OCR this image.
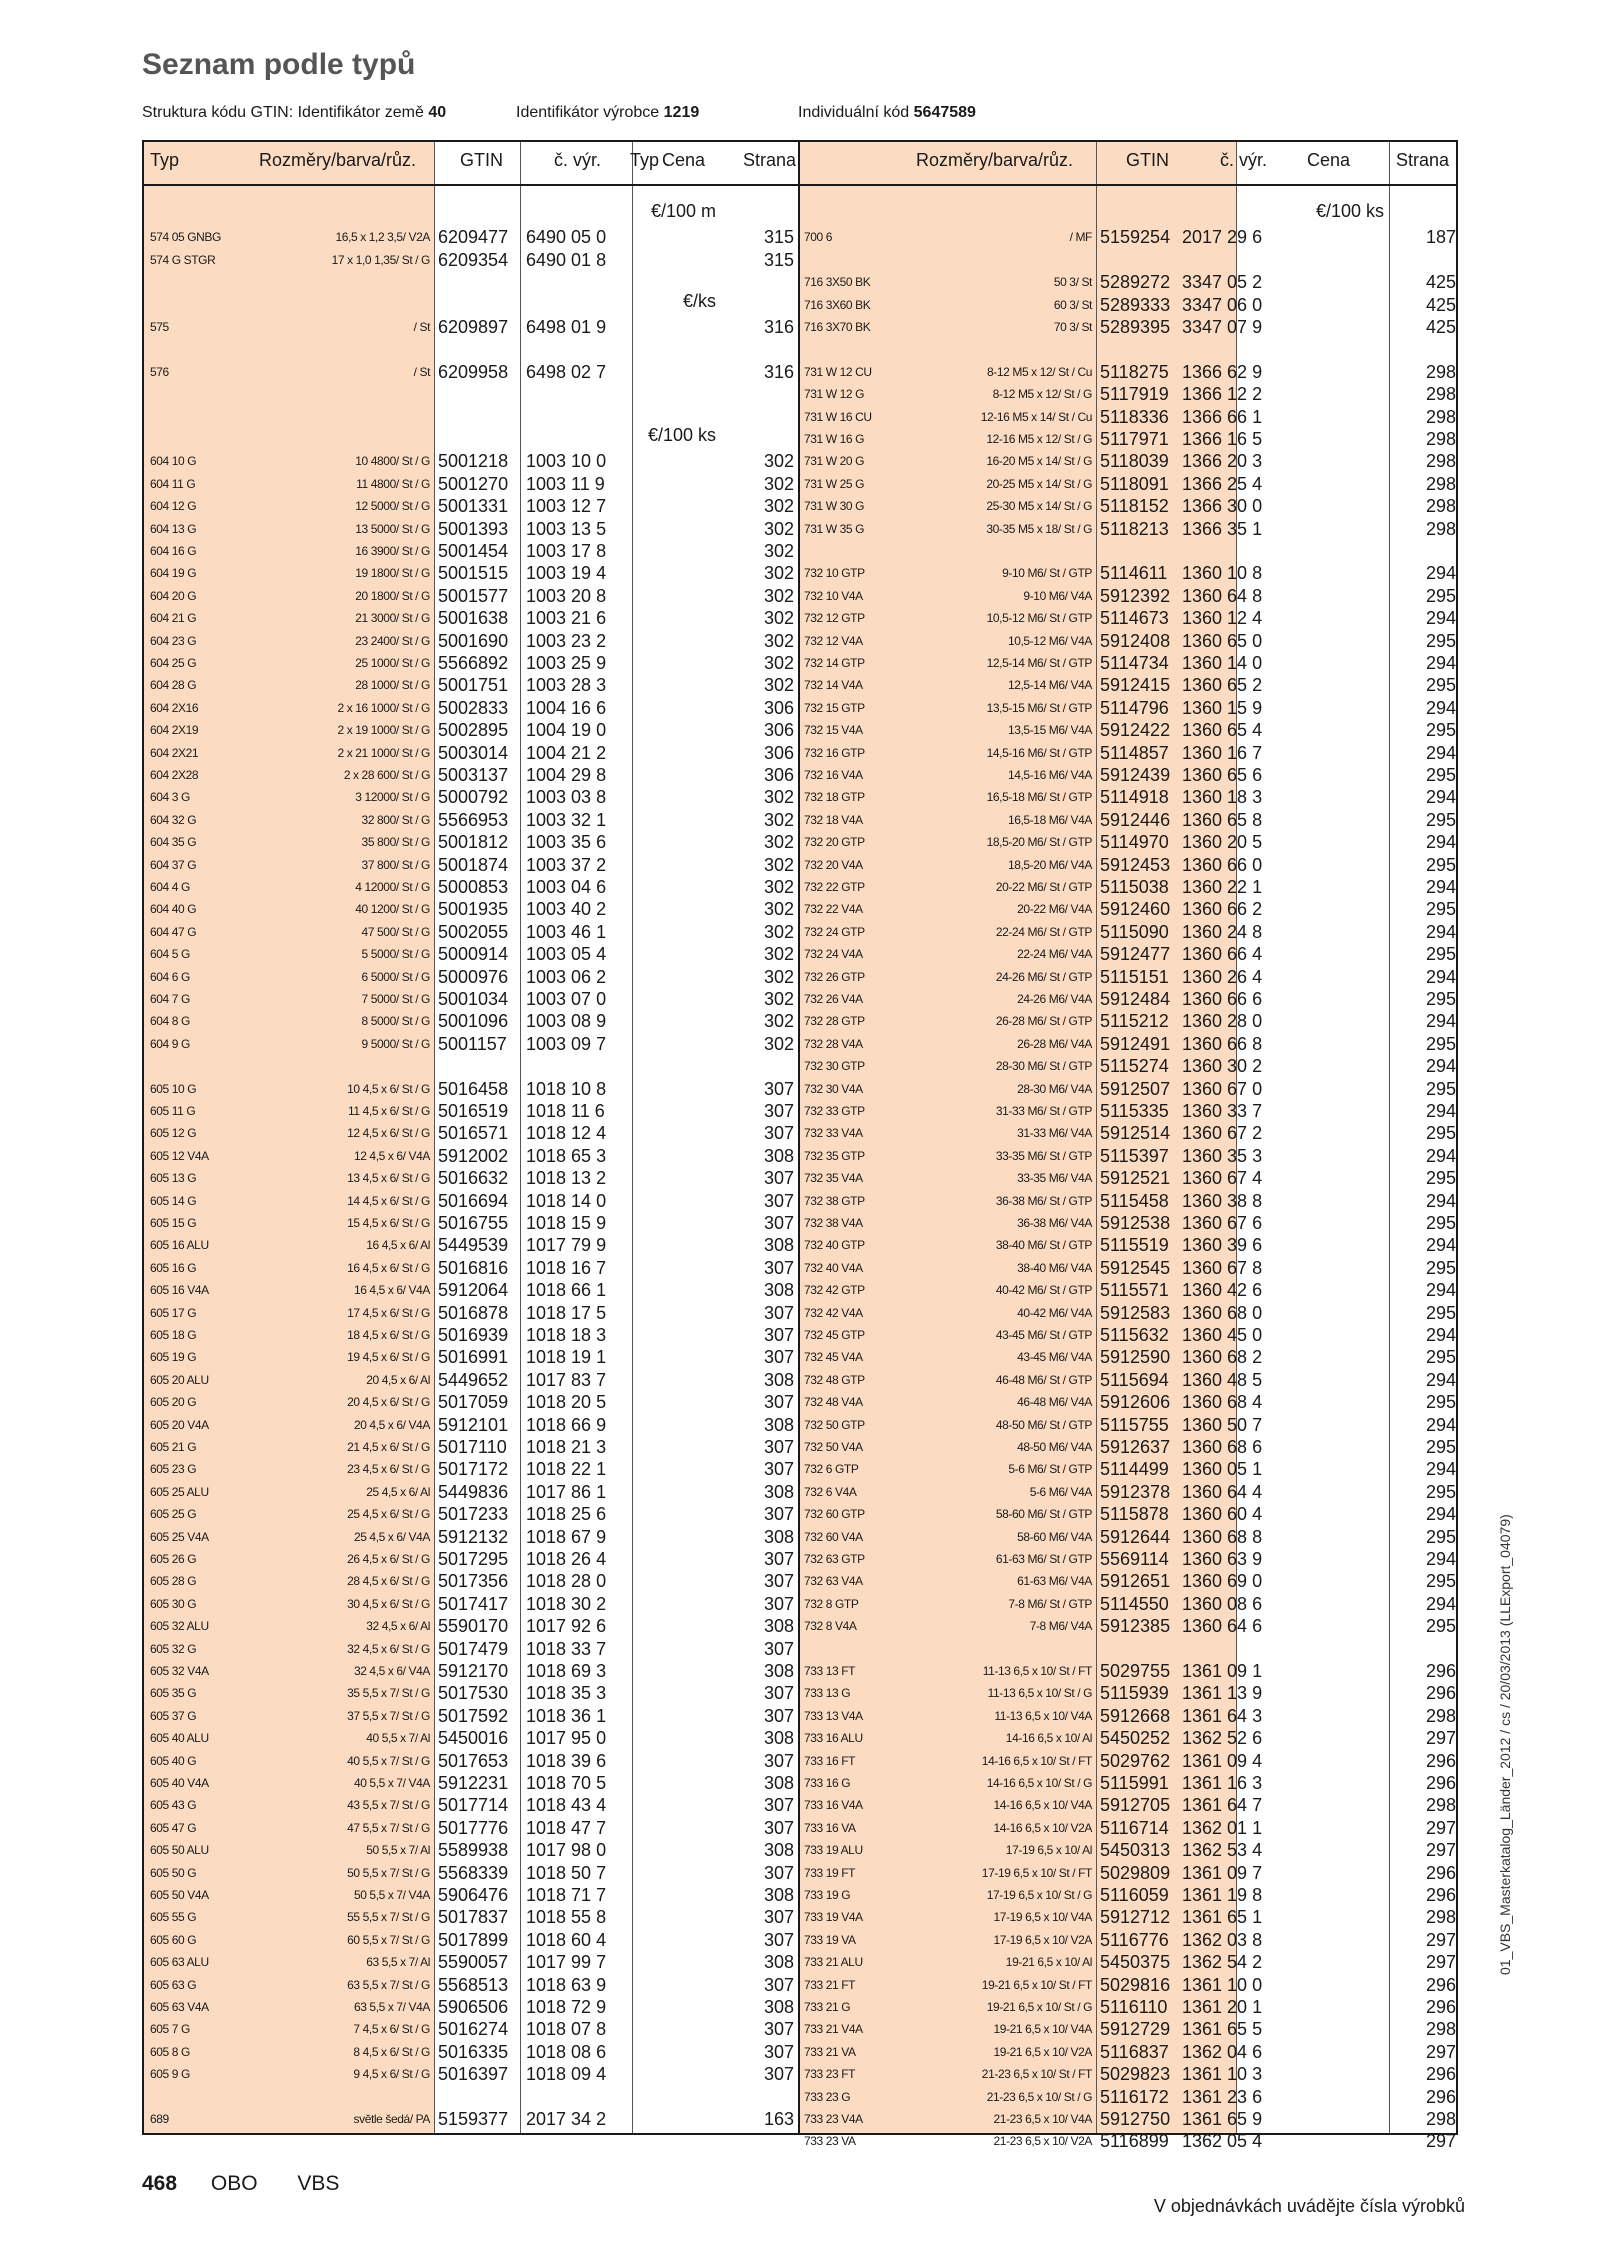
Seznam podle typů
Struktura kódu GTIN: Identifikátor země 40	Identifikátor výrobce 1219	Individuální kód 5647589
Typ	Rozměry/barva/růz. GTIN	č. výr.	Cena Strana
Typ	Rozměry/barva/růz.	GTIN	č. výr. Cena	Strana
€/100 m
574 05 GNBG	16,5 x 1,2 3,5/ V2A 6209477 6490 05 0	315
574 G STGR	17 x 1,0 1,35/ St / G 6209354 6490 01 8	315
€/ks
575	/ St 6209897 6498 01 9	316
576	/ St 6209958 6498 02 7	316
€/100 ks
604 10 G	10 4800/ St / G 5001218 1003 10 0	302
604 11 G	11 4800/ St / G 5001270 1003 11 9	302
604 12 G	12 5000/ St / G 5001331 1003 12 7	302
604 13 G	13 5000/ St / G 5001393 1003 13 5	302
604 16 G	16 3900/ St / G 5001454 1003 17 8	302
604 19 G	19 1800/ St / G 5001515 1003 19 4	302
604 20 G	20 1800/ St / G 5001577 1003 20 8	302
604 21 G	21 3000/ St / G 5001638 1003 21 6	302
604 23 G	23 2400/ St / G 5001690 1003 23 2	302
604 25 G	25 1000/ St / G 5566892 1003 25 9	302
604 28 G	28 1000/ St / G 5001751 1003 28 3	302
604 2X16	2 x 16 1000/ St / G 5002833 1004 16 6	306
604 2X19	2 x 19 1000/ St / G 5002895 1004 19 0	306
604 2X21	2 x 21 1000/ St / G 5003014 1004 21 2	306
604 2X28	2 x 28 600/ St / G 5003137 1004 29 8	306
604 3 G	3 12000/ St / G 5000792 1003 03 8	302
604 32 G	32 800/ St / G 5566953 1003 32 1	302
604 35 G	35 800/ St / G 5001812 1003 35 6	302
604 37 G	37 800/ St / G 5001874 1003 37 2	302
604 4 G	4 12000/ St / G 5000853 1003 04 6	302
604 40 G	40 1200/ St / G 5001935 1003 40 2	302
604 47 G	47 500/ St / G 5002055 1003 46 1	302
604 5 G	5 5000/ St / G 5000914 1003 05 4	302
604 6 G	6 5000/ St / G 5000976 1003 06 2	302
604 7 G	7 5000/ St / G 5001034 1003 07 0	302
604 8 G	8 5000/ St / G 5001096 1003 08 9	302
604 9 G	9 5000/ St / G 5001157 1003 09 7	302
605 10 G	10 4,5 x 6/ St / G 5016458 1018 10 8	307
605 11 G	11 4,5 x 6/ St / G 5016519 1018 11 6	307
605 12 G	12 4,5 x 6/ St / G 5016571 1018 12 4	307
605 12 V4A	12 4,5 x 6/ V4A 5912002 1018 65 3	308
605 13 G	13 4,5 x 6/ St / G 5016632 1018 13 2	307
605 14 G	14 4,5 x 6/ St / G 5016694 1018 14 0	307
605 15 G	15 4,5 x 6/ St / G 5016755 1018 15 9	307
605 16 ALU	16 4,5 x 6/ Al 5449539 1017 79 9	308
605 16 G	16 4,5 x 6/ St / G 5016816 1018 16 7	307
605 16 V4A	16 4,5 x 6/ V4A 5912064 1018 66 1	308
605 17 G	17 4,5 x 6/ St / G 5016878 1018 17 5	307
605 18 G	18 4,5 x 6/ St / G 5016939 1018 18 3	307
605 19 G	19 4,5 x 6/ St / G 5016991 1018 19 1	307
605 20 ALU	20 4,5 x 6/ Al 5449652 1017 83 7	308
605 20 G	20 4,5 x 6/ St / G 5017059 1018 20 5	307
605 20 V4A	20 4,5 x 6/ V4A 5912101 1018 66 9	308
605 21 G	21 4,5 x 6/ St / G 5017110 1018 21 3	307
605 23 G	23 4,5 x 6/ St / G 5017172 1018 22 1	307
605 25 ALU	25 4,5 x 6/ Al 5449836 1017 86 1	308
605 25 G	25 4,5 x 6/ St / G 5017233 1018 25 6	307
605 25 V4A	25 4,5 x 6/ V4A 5912132 1018 67 9	308
605 26 G	26 4,5 x 6/ St / G 5017295 1018 26 4	307
605 28 G	28 4,5 x 6/ St / G 5017356 1018 28 0	307
605 30 G	30 4,5 x 6/ St / G 5017417 1018 30 2	307
605 32 ALU	32 4,5 x 6/ Al 5590170 1017 92 6	308
605 32 G	32 4,5 x 6/ St / G 5017479 1018 33 7	307
605 32 V4A	32 4,5 x 6/ V4A 5912170 1018 69 3	308
605 35 G	35 5,5 x 7/ St / G 5017530 1018 35 3	307
605 37 G	37 5,5 x 7/ St / G 5017592 1018 36 1	307
605 40 ALU	40 5,5 x 7/ Al 5450016 1017 95 0	308
605 40 G	40 5,5 x 7/ St / G 5017653 1018 39 6	307
605 40 V4A	40 5,5 x 7/ V4A 5912231 1018 70 5	308
605 43 G	43 5,5 x 7/ St / G 5017714 1018 43 4	307
605 47 G	47 5,5 x 7/ St / G 5017776 1018 47 7	307
605 50 ALU	50 5,5 x 7/ Al 5589938 1017 98 0	308
605 50 G	50 5,5 x 7/ St / G 5568339 1018 50 7	307
605 50 V4A	50 5,5 x 7/ V4A 5906476 1018 71 7	308
605 55 G	55 5,5 x 7/ St / G 5017837 1018 55 8	307
605 60 G	60 5,5 x 7/ St / G 5017899 1018 60 4	307
605 63 ALU	63 5,5 x 7/ Al 5590057 1017 99 7	308
605 63 G	63 5,5 x 7/ St / G 5568513 1018 63 9	307
605 63 V4A	63 5,5 x 7/ V4A 5906506 1018 72 9	308
605 7 G	7 4,5 x 6/ St / G 5016274 1018 07 8	307
605 8 G	8 4,5 x 6/ St / G 5016335 1018 08 6	307
605 9 G	9 4,5 x 6/ St / G 5016397 1018 09 4	307
689	světle šedá/ PA 5159377 2017 34 2	163
€/100 ks
700 6	/ MF 5159254 2017 29 6	187
716 3X50 BK	50 3/ St 5289272 3347 05 2	425
716 3X60 BK	60 3/ St 5289333 3347 06 0	425
716 3X70 BK	70 3/ St 5289395 3347 07 9	425
731 W 12 CU	8-12 M5 x 12/ St / Cu 5118275 1366 62 9	298
731 W 12 G	8-12 M5 x 12/ St / G 5117919 1366 12 2	298
731 W 16 CU	12-16 M5 x 14/ St / Cu 5118336 1366 66 1	298
731 W 16 G	12-16 M5 x 12/ St / G 5117971 1366 16 5	298
731 W 20 G	16-20 M5 x 14/ St / G 5118039 1366 20 3	298
731 W 25 G	20-25 M5 x 14/ St / G 5118091 1366 25 4	298
731 W 30 G	25-30 M5 x 14/ St / G 5118152 1366 30 0	298
731 W 35 G	30-35 M5 x 18/ St / G 5118213 1366 35 1	298
732 10 GTP	9-10 M6/ St / GTP 5114611 1360 10 8	294
732 10 V4A	9-10 M6/ V4A 5912392 1360 64 8	295
732 12 GTP	10,5-12 M6/ St / GTP 5114673 1360 12 4	294
732 12 V4A	10,5-12 M6/ V4A 5912408 1360 65 0	295
732 14 GTP	12,5-14 M6/ St / GTP 5114734 1360 14 0	294
732 14 V4A	12,5-14 M6/ V4A 5912415 1360 65 2	295
732 15 GTP	13,5-15 M6/ St / GTP 5114796 1360 15 9	294
732 15 V4A	13,5-15 M6/ V4A 5912422 1360 65 4	295
732 16 GTP	14,5-16 M6/ St / GTP 5114857 1360 16 7	294
732 16 V4A	14,5-16 M6/ V4A 5912439 1360 65 6	295
732 18 GTP	16,5-18 M6/ St / GTP 5114918 1360 18 3	294
732 18 V4A	16,5-18 M6/ V4A 5912446 1360 65 8	295
732 20 GTP	18,5-20 M6/ St / GTP 5114970 1360 20 5	294
732 20 V4A	18,5-20 M6/ V4A 5912453 1360 66 0	295
732 22 GTP	20-22 M6/ St / GTP 5115038 1360 22 1	294
732 22 V4A	20-22 M6/ V4A 5912460 1360 66 2	295
732 24 GTP	22-24 M6/ St / GTP 5115090 1360 24 8	294
732 24 V4A	22-24 M6/ V4A 5912477 1360 66 4	295
732 26 GTP	24-26 M6/ St / GTP 5115151 1360 26 4	294
732 26 V4A	24-26 M6/ V4A 5912484 1360 66 6	295
732 28 GTP	26-28 M6/ St / GTP 5115212 1360 28 0	294
732 28 V4A	26-28 M6/ V4A 5912491 1360 66 8	295
732 30 GTP	28-30 M6/ St / GTP 5115274 1360 30 2	294
732 30 V4A	28-30 M6/ V4A 5912507 1360 67 0	295
732 33 GTP	31-33 M6/ St / GTP 5115335 1360 33 7	294
732 33 V4A	31-33 M6/ V4A 5912514 1360 67 2	295
732 35 GTP	33-35 M6/ St / GTP 5115397 1360 35 3	294
732 35 V4A	33-35 M6/ V4A 5912521 1360 67 4	295
732 38 GTP	36-38 M6/ St / GTP 5115458 1360 38 8	294
732 38 V4A	36-38 M6/ V4A 5912538 1360 67 6	295
732 40 GTP	38-40 M6/ St / GTP 5115519 1360 39 6	294
732 40 V4A	38-40 M6/ V4A 5912545 1360 67 8	295
732 42 GTP	40-42 M6/ St / GTP 5115571 1360 42 6	294
732 42 V4A	40-42 M6/ V4A 5912583 1360 68 0	295
732 45 GTP	43-45 M6/ St / GTP 5115632 1360 45 0	294
732 45 V4A	43-45 M6/ V4A 5912590 1360 68 2	295
732 48 GTP	46-48 M6/ St / GTP 5115694 1360 48 5	294
732 48 V4A	46-48 M6/ V4A 5912606 1360 68 4	295
732 50 GTP	48-50 M6/ St / GTP 5115755 1360 50 7	294
732 50 V4A	48-50 M6/ V4A 5912637 1360 68 6	295
732 6 GTP	5-6 M6/ St / GTP 5114499 1360 05 1	294
732 6 V4A	5-6 M6/ V4A 5912378 1360 64 4	295
732 60 GTP	58-60 M6/ St / GTP 5115878 1360 60 4	294
732 60 V4A	58-60 M6/ V4A 5912644 1360 68 8	295
732 63 GTP	61-63 M6/ St / GTP 5569114 1360 63 9	294
732 63 V4A	61-63 M6/ V4A 5912651 1360 69 0	295
732 8 GTP	7-8 M6/ St / GTP 5114550 1360 08 6	294
732 8 V4A	7-8 M6/ V4A 5912385 1360 64 6	295
733 13 FT	11-13 6,5 x 10/ St / FT 5029755 1361 09 1	296
733 13 G	11-13 6,5 x 10/ St / G 5115939 1361 13 9	296
733 13 V4A	11-13 6,5 x 10/ V4A 5912668 1361 64 3	298
733 16 ALU	14-16 6,5 x 10/ Al 5450252 1362 52 6	297
733 16 FT	14-16 6,5 x 10/ St / FT 5029762 1361 09 4	296
733 16 G	14-16 6,5 x 10/ St / G 5115991 1361 16 3	296
733 16 V4A	14-16 6,5 x 10/ V4A 5912705 1361 64 7	298
733 16 VA	14-16 6,5 x 10/ V2A 5116714 1362 01 1	297
733 19 ALU	17-19 6,5 x 10/ Al 5450313 1362 53 4	297
733 19 FT	17-19 6,5 x 10/ St / FT 5029809 1361 09 7	296
733 19 G	17-19 6,5 x 10/ St / G 5116059 1361 19 8	296
733 19 V4A	17-19 6,5 x 10/ V4A 5912712 1361 65 1	298
733 19 VA	17-19 6,5 x 10/ V2A 5116776 1362 03 8	297
733 21 ALU	19-21 6,5 x 10/ Al 5450375 1362 54 2	297
733 21 FT	19-21 6,5 x 10/ St / FT 5029816 1361 10 0	296
733 21 G	19-21 6,5 x 10/ St / G 5116110 1361 20 1	296
733 21 V4A	19-21 6,5 x 10/ V4A 5912729 1361 65 5	298
733 21 VA	19-21 6,5 x 10/ V2A 5116837 1362 04 6	297
733 23 FT	21-23 6,5 x 10/ St / FT 5029823 1361 10 3	296
733 23 G	21-23 6,5 x 10/ St / G 5116172 1361 23 6	296
733 23 V4A	21-23 6,5 x 10/ V4A 5912750 1361 65 9	298
733 23 VA	21-23 6,5 x 10/ V2A 5116899 1362 05 4	297
01_VBS_Masterkatalog_Länder_2012 / cs / 20/03/2013 (LLExport_04079)
468 OBO VBS
V objednávkách uvádějte čísla výrobků
